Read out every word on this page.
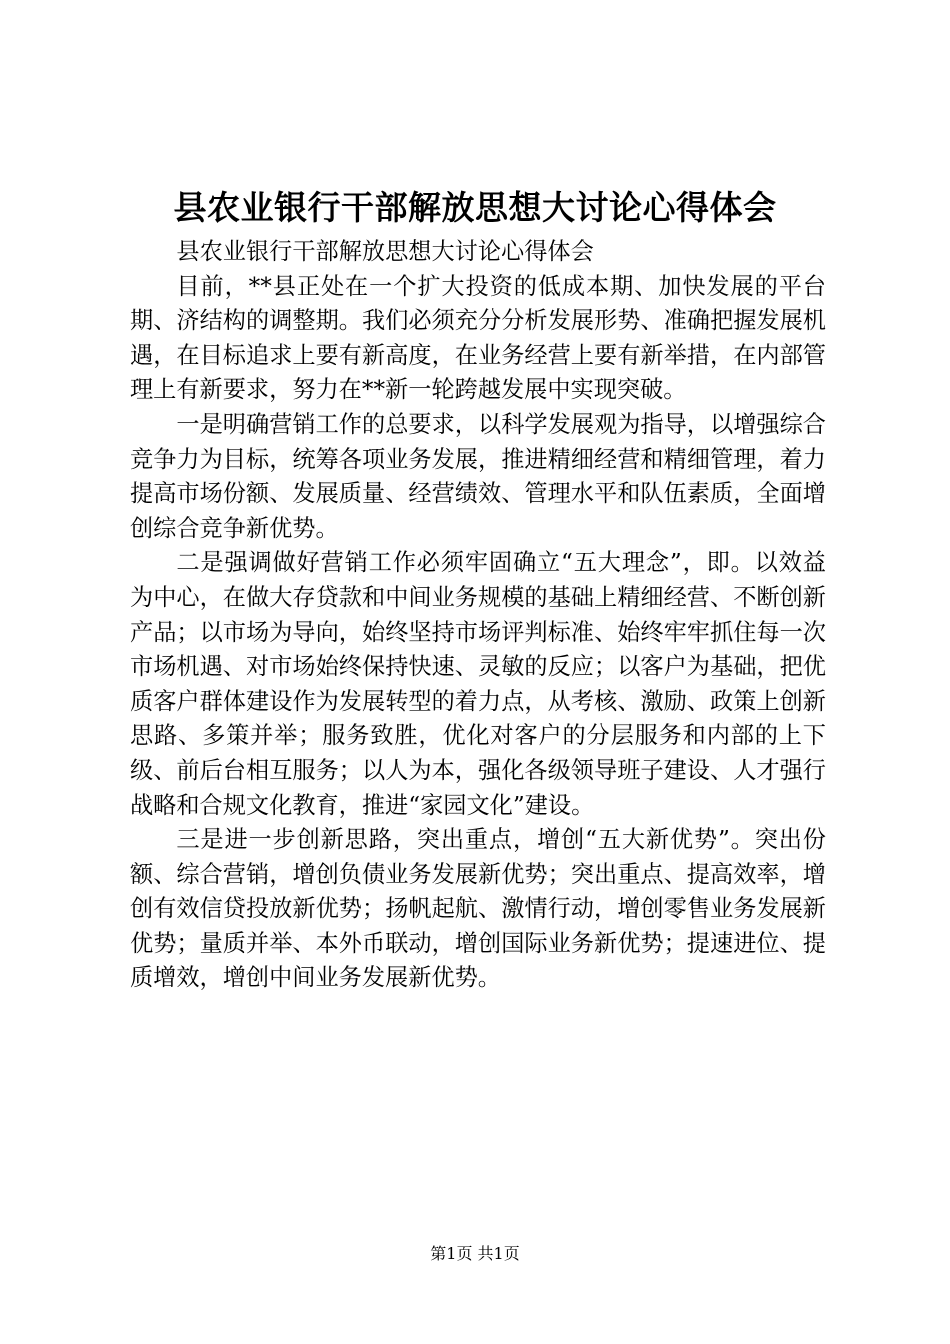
县农业银行干部解放思想大讨论心得体会

县农业银行干部解放思想大讨论心得体会

目前，**县正处在一个扩大投资的低成本期、加快发展的平台期、济结构的调整期。我们必须充分分析发展形势、准确把握发展机遇，在目标追求上要有新高度，在业务经营上要有新举措，在内部管理上有新要求，努力在**新一轮跨越发展中实现突破。

一是明确营销工作的总要求，以科学发展观为指导，以增强综合竞争力为目标，统筹各项业务发展，推进精细经营和精细管理，着力提高市场份额、发展质量、经营绩效、管理水平和队伍素质，全面增创综合竞争新优势。

二是强调做好营销工作必须牢固确立“五大理念”，即。以效益为中心，在做大存贷款和中间业务规模的基础上精细经营、不断创新产品；以市场为导向，始终坚持市场评判标准、始终牢牢抓住每一次市场机遇、对市场始终保持快速、灵敏的反应；以客户为基础，把优质客户群体建设作为发展转型的着力点，从考核、激励、政策上创新思路、多策并举；服务致胜，优化对客户的分层服务和内部的上下级、前后台相互服务；以人为本，强化各级领导班子建设、人才强行战略和合规文化教育，推进“家园文化”建设。

三是进一步创新思路，突出重点，增创“五大新优势”。突出份额、综合营销，增创负债业务发展新优势；突出重点、提高效率，增创有效信贷投放新优势；扬帆起航、激情行动，增创零售业务发展新优势；量质并举、本外币联动，增创国际业务新优势；提速进位、提质增效，增创中间业务发展新优势。

第1页 共1页
